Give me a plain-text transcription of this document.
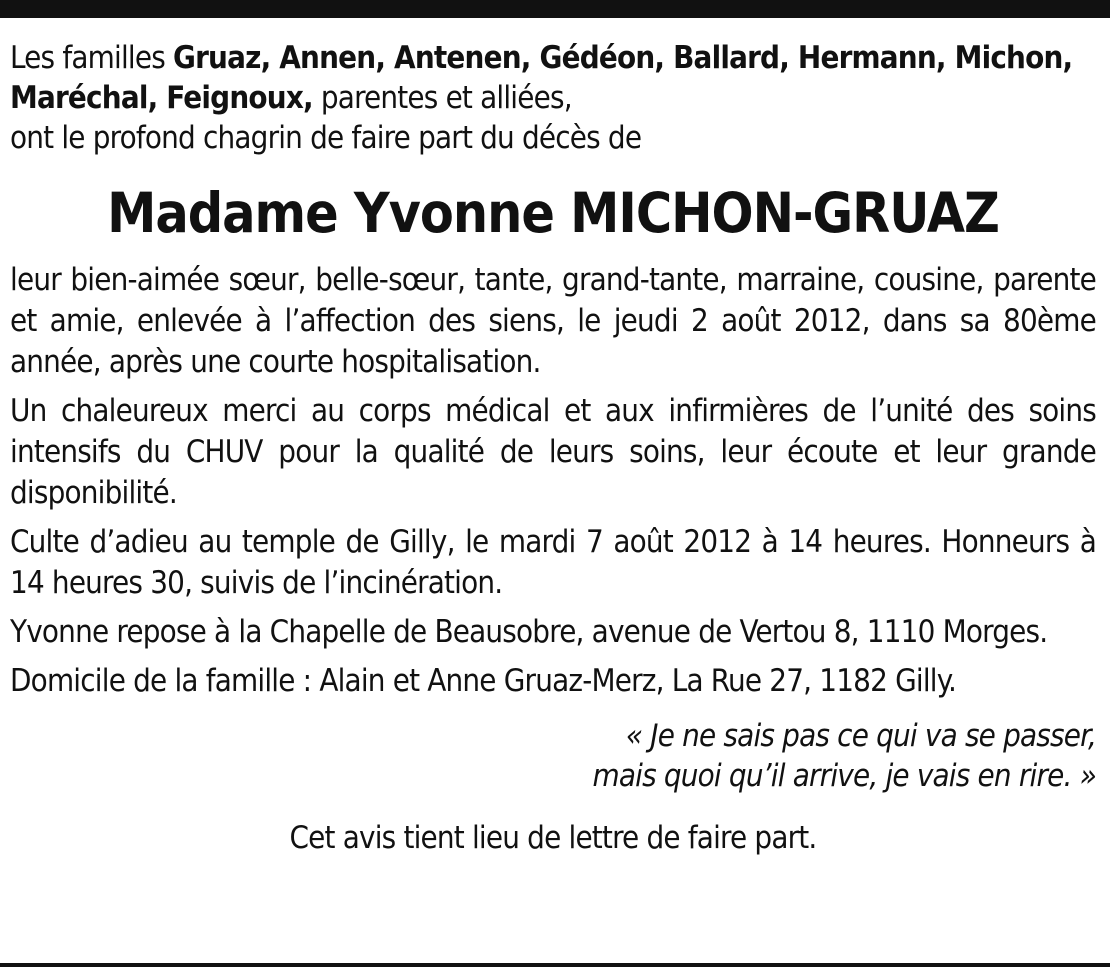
Les familles Gruaz, Annen, Antenen, Gédéon, Ballard, Hermann, Michon, Maréchal, Feignoux, parentes et alliées,
ont le profond chagrin de faire part du décès de

Madame Yvonne MICHON-GRUAZ

leur bien-aimée sœur, belle-sœur, tante, grand-tante, marraine, cousine, parente et amie, enlevée à l’affection des siens, le jeudi 2 août 2012, dans sa 80ème année, après une courte hospitalisation.

Un chaleureux merci au corps médical et aux infirmières de l’unité des soins intensifs du CHUV pour la qualité de leurs soins, leur écoute et leur grande disponibilité.

Culte d’adieu au temple de Gilly, le mardi 7 août 2012 à 14 heures. Honneurs à 14 heures 30, suivis de l’incinération.

Yvonne repose à la Chapelle de Beausobre, avenue de Vertou 8, 1110 Morges.

Domicile de la famille : Alain et Anne Gruaz-Merz, La Rue 27, 1182 Gilly.

« Je ne sais pas ce qui va se passer,
mais quoi qu’il arrive, je vais en rire. »

Cet avis tient lieu de lettre de faire part.
